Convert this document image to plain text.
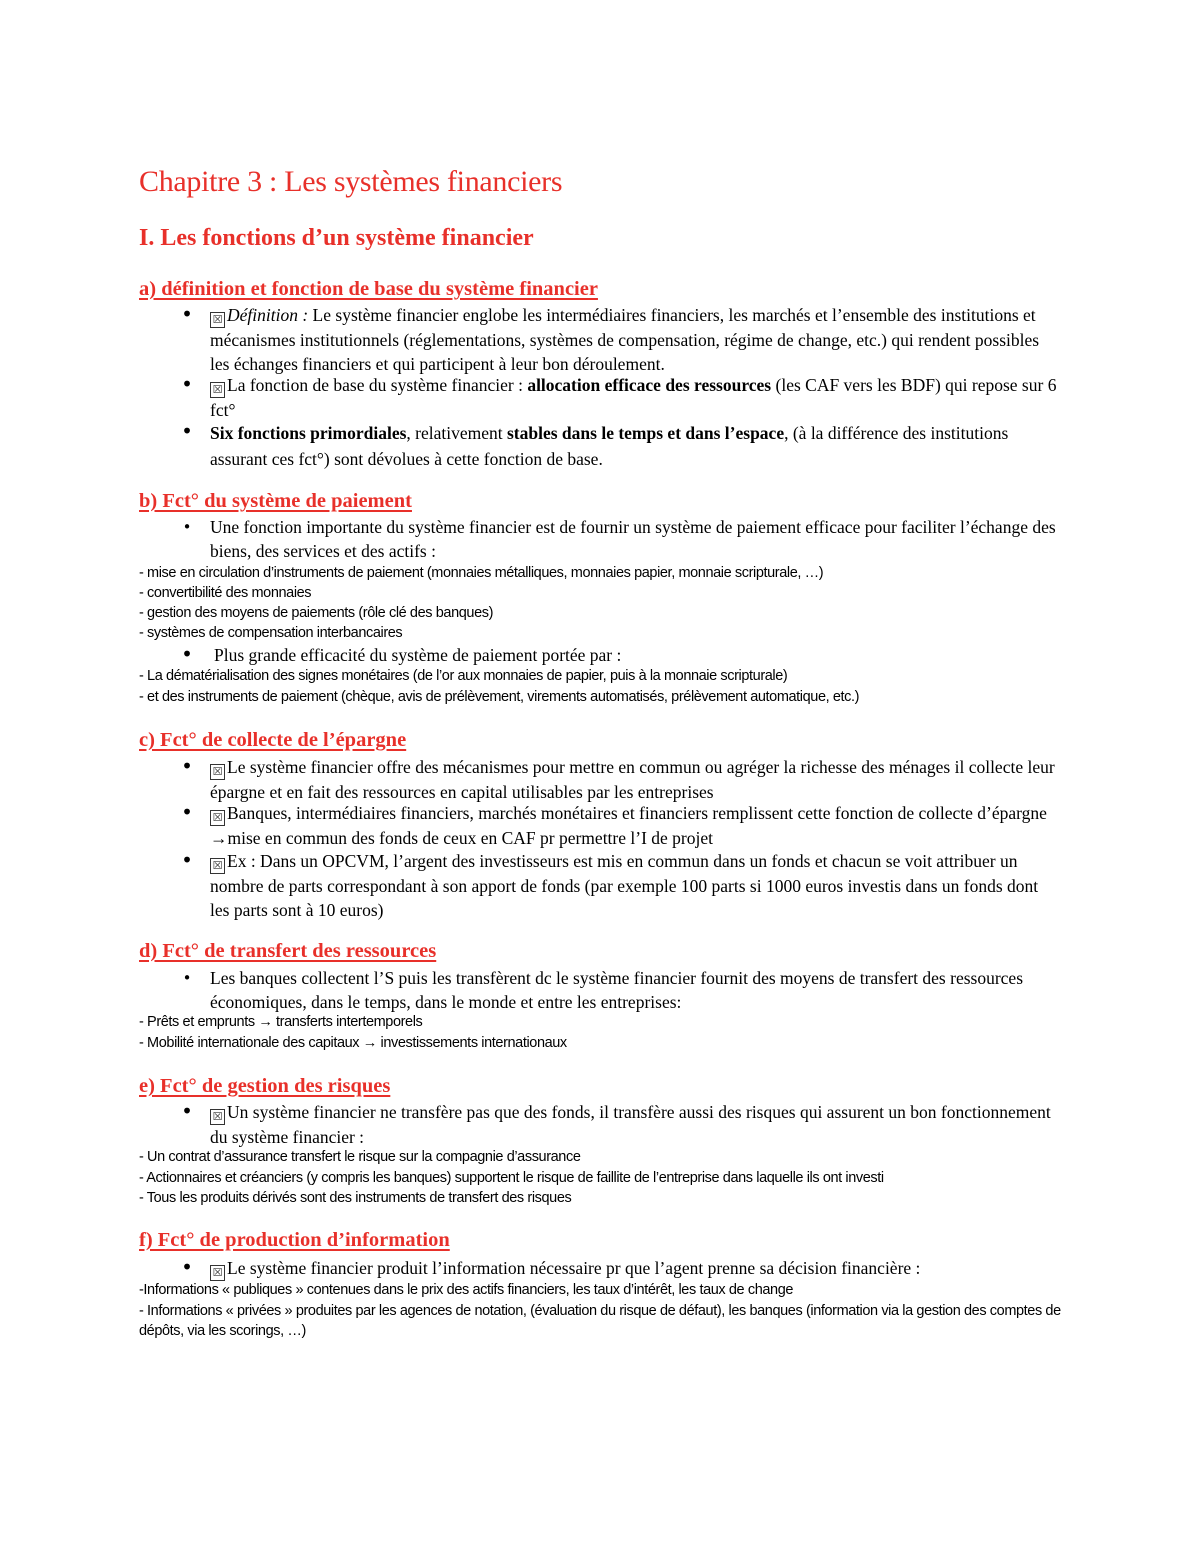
Chapitre 3 : Les systèmes financiers
I. Les fonctions d’un système financier
a) définition et fonction de base du système financier
• ☒ Définition : Le système financier englobe les intermédiaires financiers, les marchés et l’ensemble des institutions et mécanismes institutionnels (réglementations, systèmes de compensation, régime de change, etc.) qui rendent possibles les échanges financiers et qui participent à leur bon déroulement.
• ☒ La fonction de base du système financier : allocation efficace des ressources (les CAF vers les BDF) qui repose sur 6 fct°
• Six fonctions primordiales, relativement stables dans le temps et dans l’espace, (à la différence des institutions assurant ces fct°) sont dévolues à cette fonction de base.
b) Fct° du système de paiement
• Une fonction importante du système financier est de fournir un système de paiement efficace pour faciliter l’échange des biens, des services et des actifs :
- mise en circulation d’instruments de paiement (monnaies métalliques, monnaies papier, monnaie scripturale, …)
- convertibilité des monnaies
- gestion des moyens de paiements (rôle clé des banques)
- systèmes de compensation interbancaires
• Plus grande efficacité du système de paiement portée par :
- La dématérialisation des signes monétaires (de l’or aux monnaies de papier, puis à la monnaie scripturale)
- et des instruments de paiement (chèque, avis de prélèvement, virements automatisés, prélèvement automatique, etc.)
c) Fct° de collecte de l’épargne
• ☒ Le système financier offre des mécanismes pour mettre en commun ou agréger la richesse des ménages il collecte leur épargne et en fait des ressources en capital utilisables par les entreprises
• ☒ Banques, intermédiaires financiers, marchés monétaires et financiers remplissent cette fonction de collecte d’épargne →mise en commun des fonds de ceux en CAF pr permettre l’I de projet
• ☒ Ex : Dans un OPCVM, l’argent des investisseurs est mis en commun dans un fonds et chacun se voit attribuer un nombre de parts correspondant à son apport de fonds (par exemple 100 parts si 1000 euros investis dans un fonds dont les parts sont à 10 euros)
d) Fct° de transfert des ressources
• Les banques collectent l’S puis les transfèrent dc le système financier fournit des moyens de transfert des ressources économiques, dans le temps, dans le monde et entre les entreprises:
- Prêts et emprunts → transferts intertemporels
- Mobilité internationale des capitaux → investissements internationaux
e) Fct° de gestion des risques
• ☒ Un système financier ne transfère pas que des fonds, il transfère aussi des risques qui assurent un bon fonctionnement du système financier :
- Un contrat d’assurance transfert le risque sur la compagnie d’assurance
- Actionnaires et créanciers (y compris les banques) supportent le risque de faillite de l’entreprise dans laquelle ils ont investi
- Tous les produits dérivés sont des instruments de transfert des risques
f) Fct° de production d’information
• ☒ Le système financier produit l’information nécessaire pr que l’agent prenne sa décision financière :
-Informations « publiques » contenues dans le prix des actifs financiers, les taux d’intérêt, les taux de change
- Informations « privées » produites par les agences de notation, (évaluation du risque de défaut), les banques (information via la gestion des comptes de dépôts, via les scorings, …)
